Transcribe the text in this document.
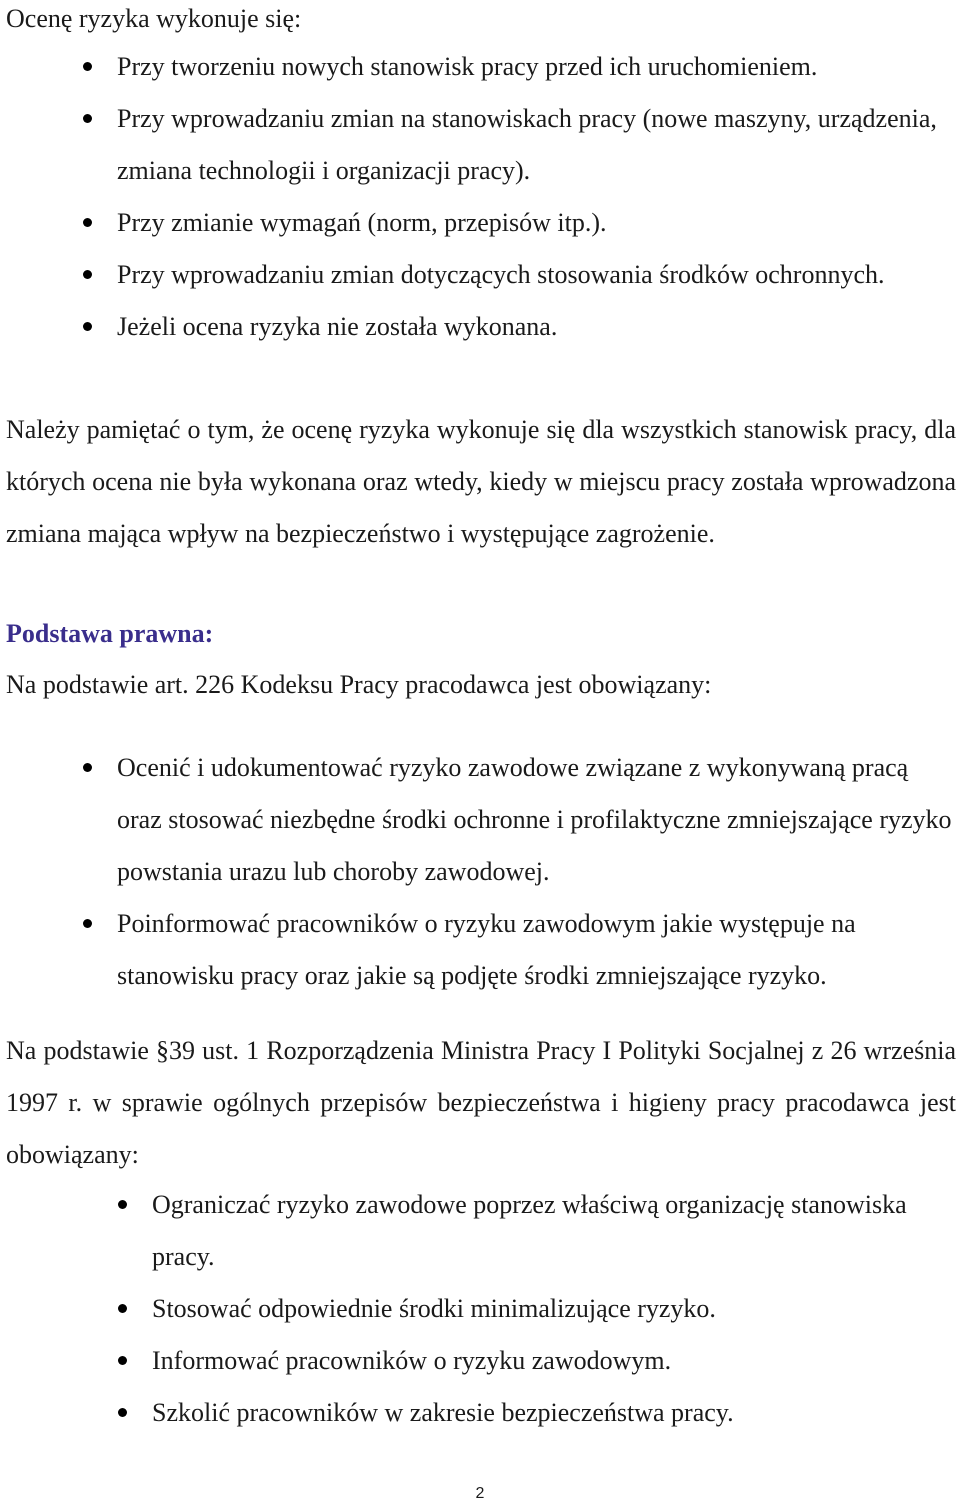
Ocenę ryzyka wykonuje się:

Przy tworzeniu nowych stanowisk pracy przed ich uruchomieniem.
Przy wprowadzaniu zmian na stanowiskach pracy (nowe maszyny, urządzenia, zmiana technologii i organizacji pracy).
Przy zmianie wymagań (norm, przepisów itp.).
Przy wprowadzaniu zmian dotyczących stosowania środków ochronnych.
Jeżeli ocena ryzyka nie została wykonana.

Należy pamiętać o tym, że ocenę ryzyka wykonuje się dla wszystkich stanowisk pracy, dla których ocena nie była wykonana oraz wtedy, kiedy w miejscu pracy została wprowadzona zmiana mająca wpływ na bezpieczeństwo i występujące zagrożenie.

Podstawa prawna:

Na podstawie art. 226 Kodeksu Pracy pracodawca jest obowiązany:

Ocenić i udokumentować ryzyko zawodowe związane z wykonywaną pracą oraz stosować niezbędne środki ochronne i profilaktyczne zmniejszające ryzyko powstania urazu lub choroby zawodowej.
Poinformować pracowników o ryzyku zawodowym jakie występuje na stanowisku pracy oraz jakie są podjęte środki zmniejszające ryzyko.

Na podstawie §39 ust. 1 Rozporządzenia Ministra Pracy I Polityki Socjalnej z 26 września 1997 r. w sprawie ogólnych przepisów bezpieczeństwa i higieny pracy pracodawca jest obowiązany:

Ograniczać ryzyko zawodowe poprzez właściwą organizację stanowiska pracy.
Stosować odpowiednie środki minimalizujące ryzyko.
Informować pracowników o ryzyku zawodowym.
Szkolić pracowników w zakresie bezpieczeństwa pracy.
2
